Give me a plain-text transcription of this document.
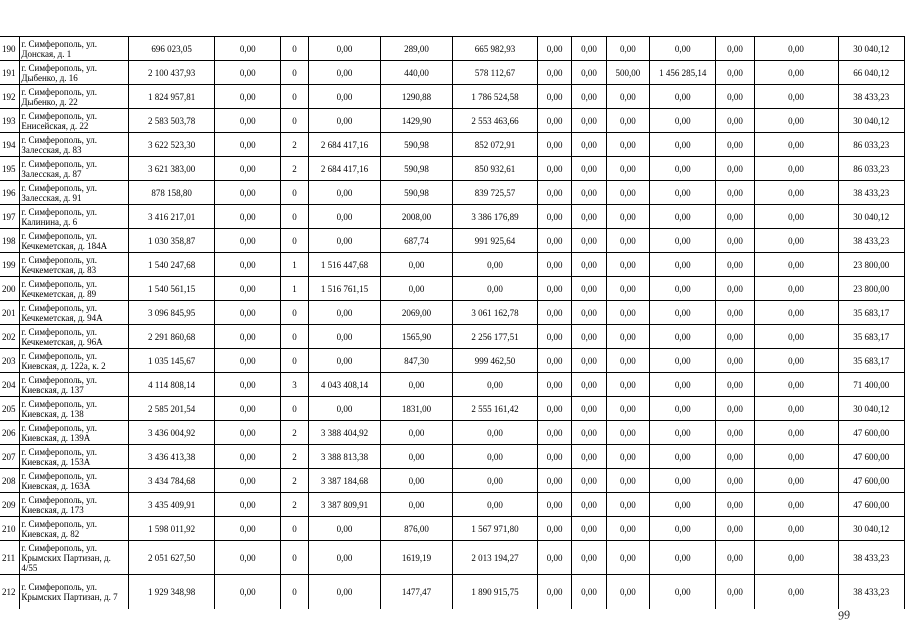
190	г. Симферополь, ул. Донская, д. 1	696 023,05	0,00	0	0,00	289,00	665 982,93	0,00	0,00	0,00	0,00	0,00	0,00	30 040,12
191	г. Симферополь, ул. Дыбенко, д. 16	2 100 437,93	0,00	0	0,00	440,00	578 112,67	0,00	0,00	500,00	1 456 285,14	0,00	0,00	66 040,12
192	г. Симферополь, ул. Дыбенко, д. 22	1 824 957,81	0,00	0	0,00	1290,88	1 786 524,58	0,00	0,00	0,00	0,00	0,00	0,00	38 433,23
193	г. Симферополь, ул. Енисейская, д. 22	2 583 503,78	0,00	0	0,00	1429,90	2 553 463,66	0,00	0,00	0,00	0,00	0,00	0,00	30 040,12
194	г. Симферополь, ул. Залесская, д. 83	3 622 523,30	0,00	2	2 684 417,16	590,98	852 072,91	0,00	0,00	0,00	0,00	0,00	0,00	86 033,23
195	г. Симферополь, ул. Залесская, д. 87	3 621 383,00	0,00	2	2 684 417,16	590,98	850 932,61	0,00	0,00	0,00	0,00	0,00	0,00	86 033,23
196	г. Симферополь, ул. Залесская, д. 91	878 158,80	0,00	0	0,00	590,98	839 725,57	0,00	0,00	0,00	0,00	0,00	0,00	38 433,23
197	г. Симферополь, ул. Калинина, д. 6	3 416 217,01	0,00	0	0,00	2008,00	3 386 176,89	0,00	0,00	0,00	0,00	0,00	0,00	30 040,12
198	г. Симферополь, ул. Кечкеметская, д. 184А	1 030 358,87	0,00	0	0,00	687,74	991 925,64	0,00	0,00	0,00	0,00	0,00	0,00	38 433,23
199	г. Симферополь, ул. Кечкеметская, д. 83	1 540 247,68	0,00	1	1 516 447,68	0,00	0,00	0,00	0,00	0,00	0,00	0,00	0,00	23 800,00
200	г. Симферополь, ул. Кечкеметская, д. 89	1 540 561,15	0,00	1	1 516 761,15	0,00	0,00	0,00	0,00	0,00	0,00	0,00	0,00	23 800,00
201	г. Симферополь, ул. Кечкеметская, д. 94А	3 096 845,95	0,00	0	0,00	2069,00	3 061 162,78	0,00	0,00	0,00	0,00	0,00	0,00	35 683,17
202	г. Симферополь, ул. Кечкеметская, д. 96А	2 291 860,68	0,00	0	0,00	1565,90	2 256 177,51	0,00	0,00	0,00	0,00	0,00	0,00	35 683,17
203	г. Симферополь, ул. Киевская, д. 122а, к. 2	1 035 145,67	0,00	0	0,00	847,30	999 462,50	0,00	0,00	0,00	0,00	0,00	0,00	35 683,17
204	г. Симферополь, ул. Киевская, д. 137	4 114 808,14	0,00	3	4 043 408,14	0,00	0,00	0,00	0,00	0,00	0,00	0,00	0,00	71 400,00
205	г. Симферополь, ул. Киевская, д. 138	2 585 201,54	0,00	0	0,00	1831,00	2 555 161,42	0,00	0,00	0,00	0,00	0,00	0,00	30 040,12
206	г. Симферополь, ул. Киевская, д. 139А	3 436 004,92	0,00	2	3 388 404,92	0,00	0,00	0,00	0,00	0,00	0,00	0,00	0,00	47 600,00
207	г. Симферополь, ул. Киевская, д. 153А	3 436 413,38	0,00	2	3 388 813,38	0,00	0,00	0,00	0,00	0,00	0,00	0,00	0,00	47 600,00
208	г. Симферополь, ул. Киевская, д. 163А	3 434 784,68	0,00	2	3 387 184,68	0,00	0,00	0,00	0,00	0,00	0,00	0,00	0,00	47 600,00
209	г. Симферополь, ул. Киевская, д. 173	3 435 409,91	0,00	2	3 387 809,91	0,00	0,00	0,00	0,00	0,00	0,00	0,00	0,00	47 600,00
210	г. Симферополь, ул. Киевская, д. 82	1 598 011,92	0,00	0	0,00	876,00	1 567 971,80	0,00	0,00	0,00	0,00	0,00	0,00	30 040,12
211	г. Симферополь, ул. Крымских Партизан, д. 4/55	2 051 627,50	0,00	0	0,00	1619,19	2 013 194,27	0,00	0,00	0,00	0,00	0,00	0,00	38 433,23
212	г. Симферополь, ул. Крымских Партизан, д. 7	1 929 348,98	0,00	0	0,00	1477,47	1 890 915,75	0,00	0,00	0,00	0,00	0,00	0,00	38 433,23
99
